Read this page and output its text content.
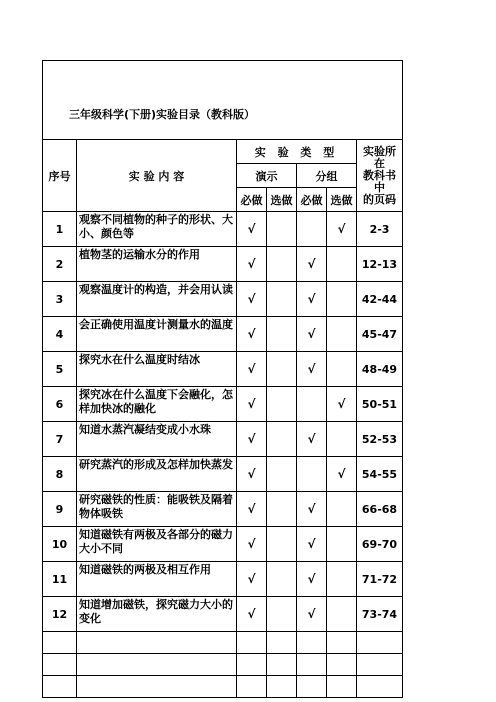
三年级科学(下册)实验目录（教科版）						
序号	实 验 内 容	实 验 类 型				实验所
在
教科书
中
的页码

		演示		分组		
		必做	选做	必做	选做	
1	观察不同植物的种子的形状、大小、颜色等	√			√	2-3
2	植物茎的运输水分的作用	√		√		12-13
3	观察温度计的构造，并会用认读	√		√		42-44
4	会正确使用温度计测量水的温度	√		√		45-47
5	探究水在什么温度时结冰	√		√		48-49
6	探究冰在什么温度下会融化，怎样加快冰的融化	√			√	50-51
7	知道水蒸汽凝结变成小水珠	√		√		52-53
8	研究蒸汽的形成及怎样加快蒸发	√			√	54-55
9	研究磁铁的性质：能吸铁及隔着物体吸铁	√		√		66-68
10	知道磁铁有两极及各部分的磁力大小不同	√		√		69-70
11	知道磁铁的两极及相互作用	√		√		71-72
12	知道增加磁铁，探究磁力大小的变化	√		√		73-74
